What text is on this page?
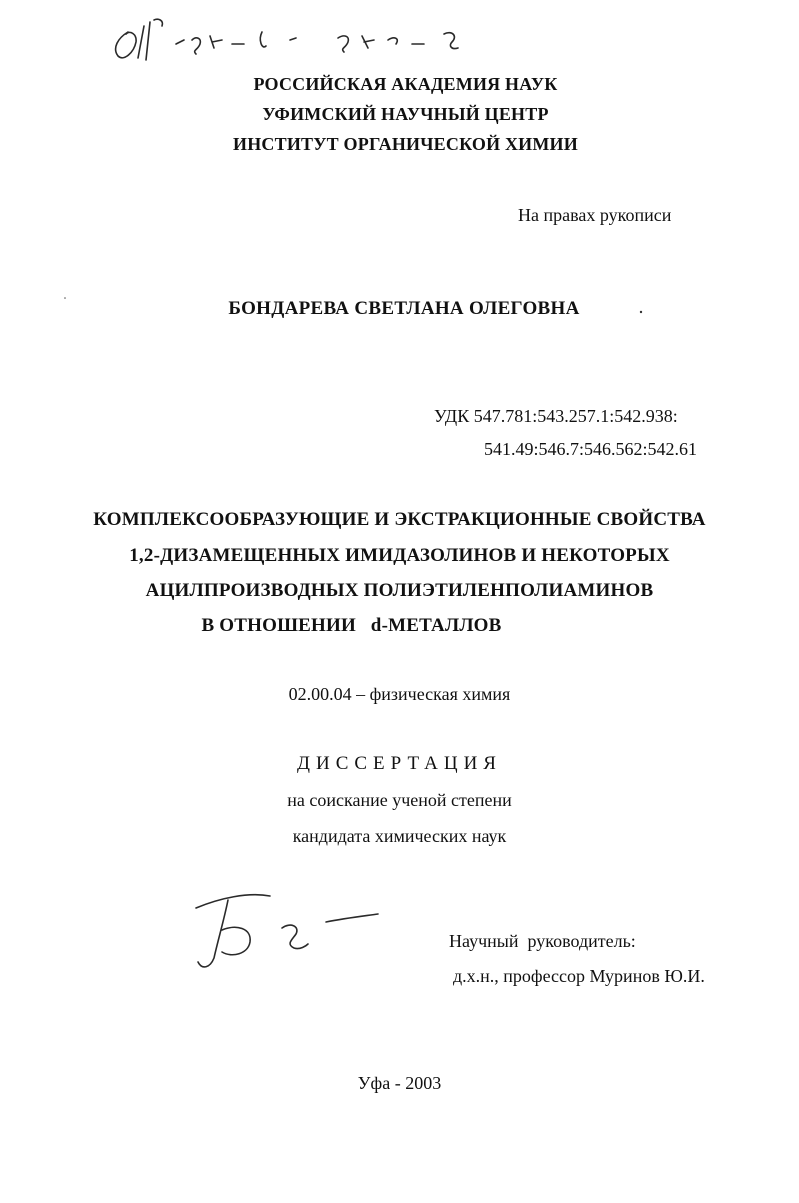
РОССИЙСКАЯ АКАДЕМИЯ НАУК
УФИМСКИЙ НАУЧНЫЙ ЦЕНТР
ИНСТИТУТ ОРГАНИЧЕСКОЙ ХИМИИ
На правах рукописи
БОНДАРЕВА СВЕТЛАНА ОЛЕГОВНА
УДК 547.781:543.257.1:542.938:
541.49:546.7:546.562:542.61
КОМПЛЕКСООБРАЗУЮЩИЕ И ЭКСТРАКЦИОННЫЕ СВОЙСТВА
1,2-ДИЗАМЕЩЕННЫХ ИМИДАЗОЛИНОВ И НЕКОТОРЫХ
АЦИЛПРОИЗВОДНЫХ ПОЛИЭТИЛЕНПОЛИАМИНОВ
В ОТНОШЕНИИ   d-МЕТАЛЛОВ
02.00.04 – физическая химия
ДИССЕРТАЦИЯ
на соискание ученой степени
кандидата химических наук
Научный  руководитель:
д.х.н., профессор Муринов Ю.И.
Уфа - 2003
